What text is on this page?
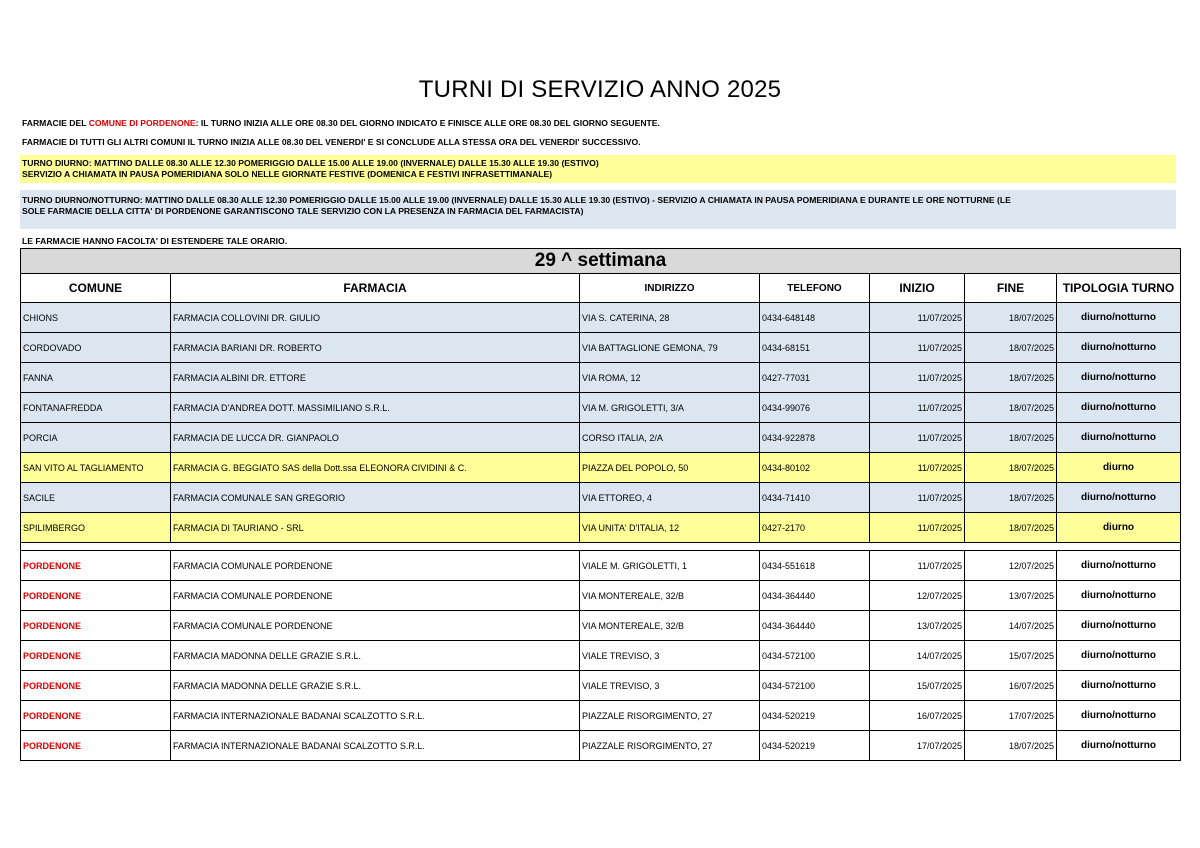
TURNI DI SERVIZIO ANNO 2025
FARMACIE DEL COMUNE DI PORDENONE: IL TURNO INIZIA ALLE ORE 08.30 DEL GIORNO INDICATO E FINISCE ALLE ORE 08.30 DEL GIORNO SEGUENTE.
FARMACIE DI TUTTI GLI ALTRI COMUNI IL TURNO INIZIA ALLE 08.30 DEL VENERDI' E SI CONCLUDE ALLA STESSA ORA DEL VENERDI' SUCCESSIVO.
TURNO DIURNO: MATTINO DALLE 08.30 ALLE 12.30 POMERIGGIO DALLE 15.00 ALLE 19.00 (INVERNALE) DALLE 15.30 ALLE 19.30 (ESTIVO)
SERVIZIO A CHIAMATA IN PAUSA POMERIDIANA SOLO NELLE GIORNATE FESTIVE (DOMENICA E FESTIVI INFRASETTIMANALE)
TURNO DIURNO/NOTTURNO: MATTINO DALLE 08.30 ALLE 12.30 POMERIGGIO DALLE 15.00 ALLE 19.00 (INVERNALE) DALLE 15.30 ALLE 19.30 (ESTIVO) - SERVIZIO A CHIAMATA IN PAUSA POMERIDIANA E DURANTE LE ORE NOTTURNE (LE
SOLE FARMACIE DELLA CITTA' DI PORDENONE GARANTISCONO TALE SERVIZIO CON LA PRESENZA IN FARMACIA DEL FARMACISTA)
LE FARMACIE HANNO FACOLTA' DI ESTENDERE TALE ORARIO.
29 ^ settimana						
COMUNE	FARMACIA	INDIRIZZO	TELEFONO	INIZIO	FINE	TIPOLOGIA TURNO
CHIONS	FARMACIA COLLOVINI DR. GIULIO	VIA S. CATERINA, 28	0434-648148	11/07/2025	18/07/2025	diurno/notturno
CORDOVADO	FARMACIA BARIANI DR. ROBERTO	VIA BATTAGLIONE GEMONA, 79	0434-68151	11/07/2025	18/07/2025	diurno/notturno
FANNA	FARMACIA ALBINI DR. ETTORE	VIA ROMA, 12	0427-77031	11/07/2025	18/07/2025	diurno/notturno
FONTANAFREDDA	FARMACIA D'ANDREA DOTT. MASSIMILIANO S.R.L.	VIA M. GRIGOLETTI, 3/A	0434-99076	11/07/2025	18/07/2025	diurno/notturno
PORCIA	FARMACIA DE LUCCA DR. GIANPAOLO	CORSO ITALIA, 2/A	0434-922878	11/07/2025	18/07/2025	diurno/notturno
SAN VITO AL TAGLIAMENTO	FARMACIA G. BEGGIATO SAS della Dott.ssa ELEONORA CIVIDINI & C.	PIAZZA DEL POPOLO, 50	0434-80102	11/07/2025	18/07/2025	diurno
SACILE	FARMACIA COMUNALE SAN GREGORIO	VIA ETTOREO, 4	0434-71410	11/07/2025	18/07/2025	diurno/notturno
SPILIMBERGO	FARMACIA DI TAURIANO - SRL	VIA UNITA' D'ITALIA, 12	0427-2170	11/07/2025	18/07/2025	diurno

PORDENONE	FARMACIA COMUNALE PORDENONE	VIALE M. GRIGOLETTI, 1	0434-551618	11/07/2025	12/07/2025	diurno/notturno
PORDENONE	FARMACIA COMUNALE PORDENONE	VIA MONTEREALE, 32/B	0434-364440	12/07/2025	13/07/2025	diurno/notturno
PORDENONE	FARMACIA COMUNALE PORDENONE	VIA MONTEREALE, 32/B	0434-364440	13/07/2025	14/07/2025	diurno/notturno
PORDENONE	FARMACIA MADONNA DELLE GRAZIE S.R.L.	VIALE TREVISO, 3	0434-572100	14/07/2025	15/07/2025	diurno/notturno
PORDENONE	FARMACIA MADONNA DELLE GRAZIE S.R.L.	VIALE TREVISO, 3	0434-572100	15/07/2025	16/07/2025	diurno/notturno
PORDENONE	FARMACIA INTERNAZIONALE BADANAI SCALZOTTO S.R.L.	PIAZZALE RISORGIMENTO, 27	0434-520219	16/07/2025	17/07/2025	diurno/notturno
PORDENONE	FARMACIA INTERNAZIONALE BADANAI SCALZOTTO S.R.L.	PIAZZALE RISORGIMENTO, 27	0434-520219	17/07/2025	18/07/2025	diurno/notturno
